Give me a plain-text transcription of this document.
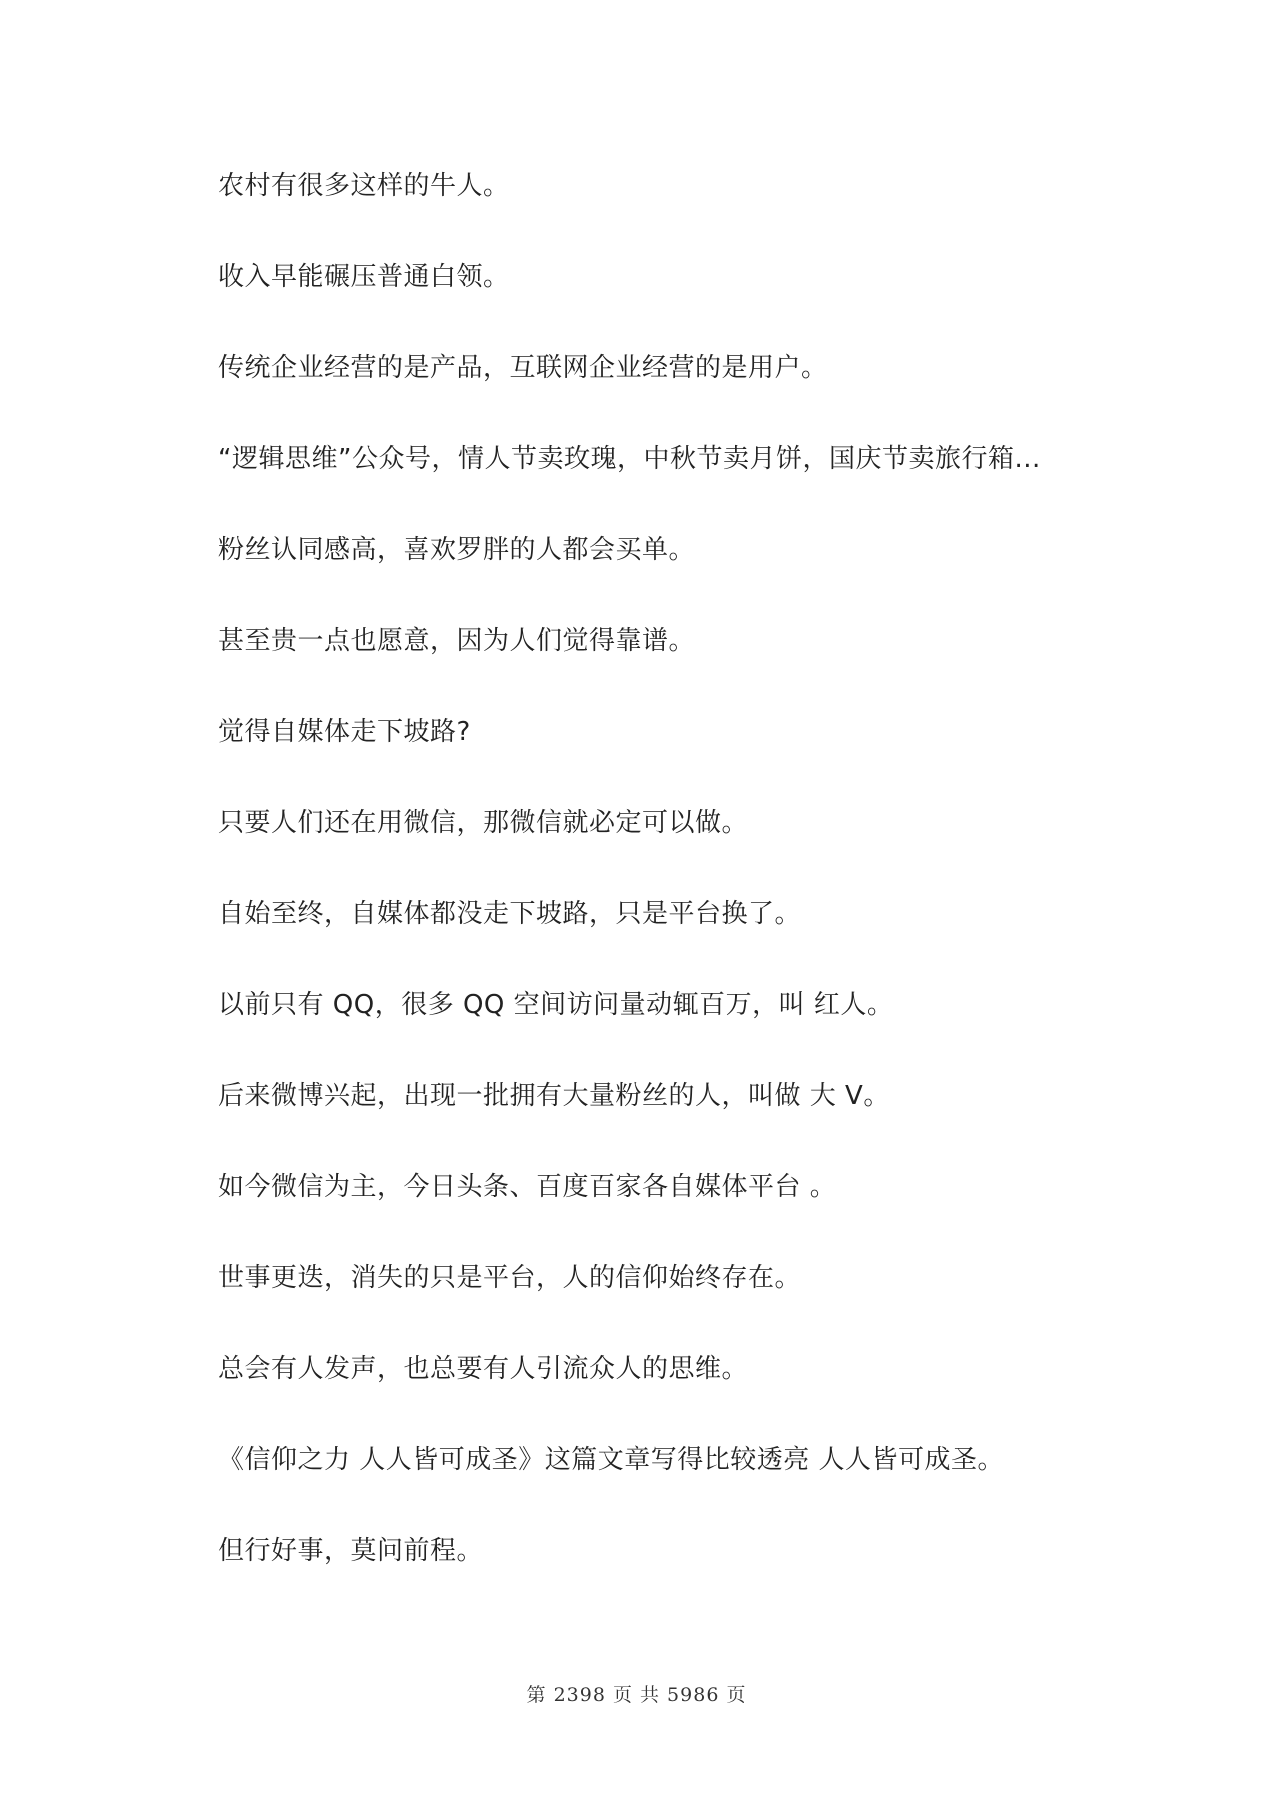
农村有很多这样的牛人。

收入早能碾压普通白领。

传统企业经营的是产品，互联网企业经营的是用户。

“逻辑思维”公众号，情人节卖玫瑰，中秋节卖月饼，国庆节卖旅行箱...

粉丝认同感高，喜欢罗胖的人都会买单。

甚至贵一点也愿意，因为人们觉得靠谱。

觉得自媒体走下坡路?

只要人们还在用微信，那微信就必定可以做。

自始至终，自媒体都没走下坡路，只是平台换了。

以前只有 QQ，很多 QQ 空间访问量动辄百万，叫 红人。

后来微博兴起，出现一批拥有大量粉丝的人，叫做 大 V。

如今微信为主，今日头条、百度百家各自媒体平台 。

世事更迭，消失的只是平台，人的信仰始终存在。

总会有人发声，也总要有人引流众人的思维。

《信仰之力 人人皆可成圣》这篇文章写得比较透亮 人人皆可成圣。

但行好事，莫问前程。

第 2398 页 共 5986 页
